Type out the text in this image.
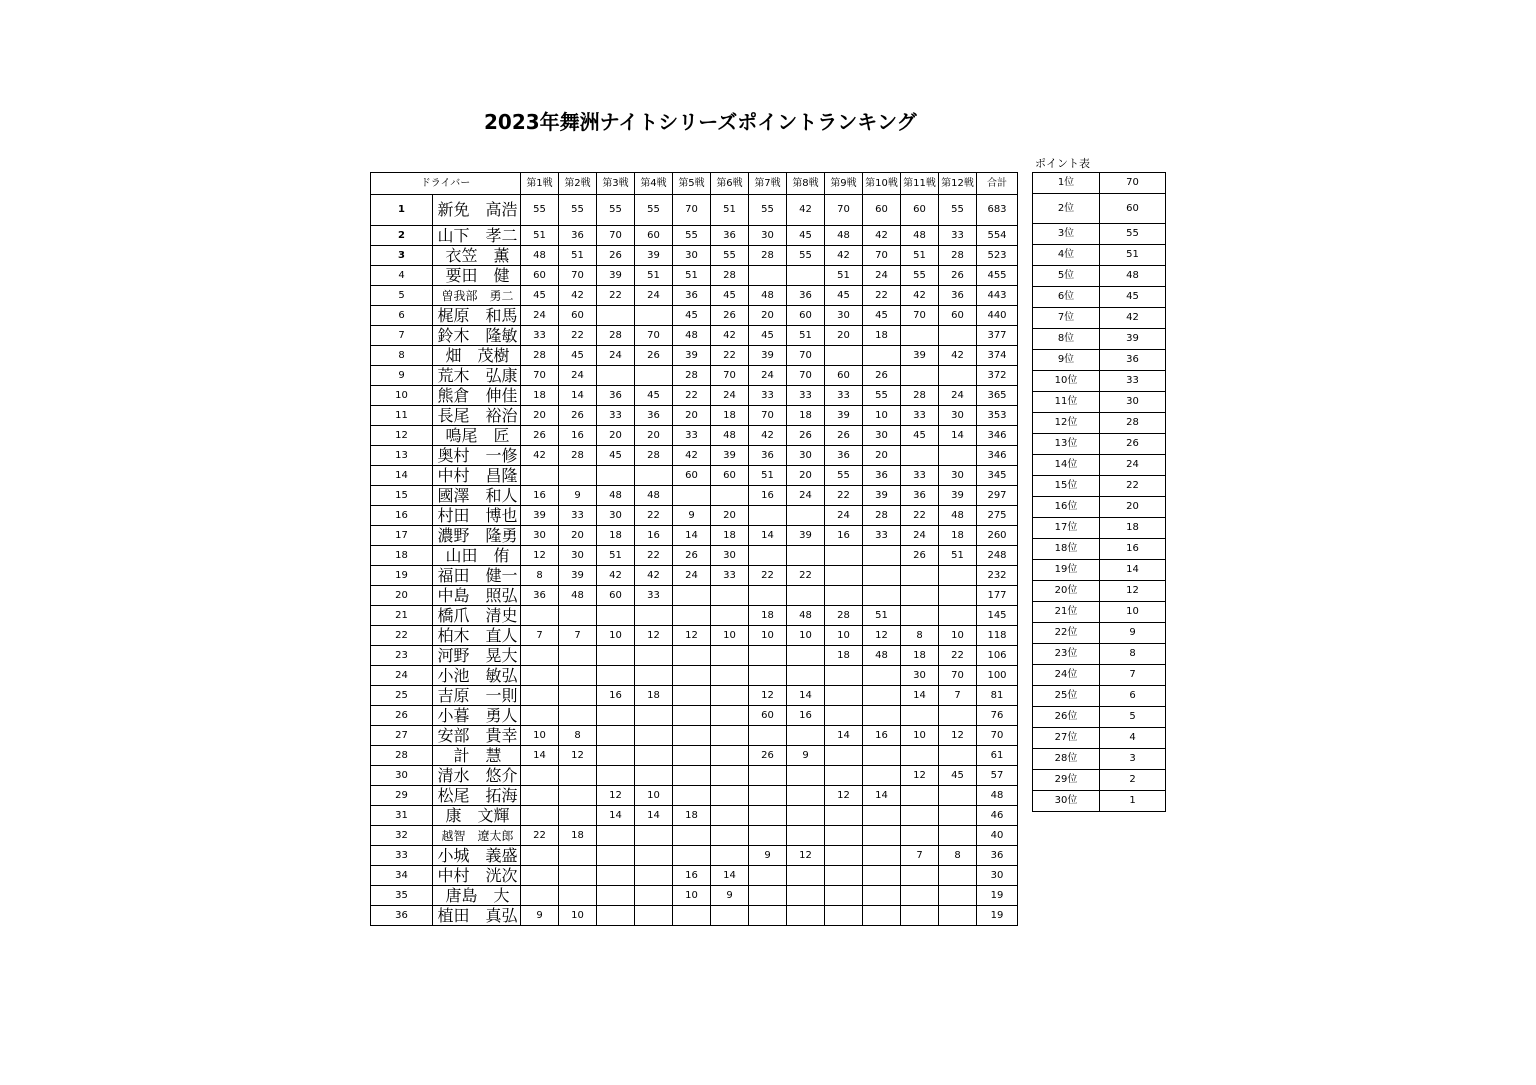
2023年舞洲ナイトシリーズポイントランキング
ポイント表
ドライバー		第1戦	第2戦	第3戦	第4戦	第5戦	第6戦	第7戦	第8戦	第9戦	第10戦	第11戦	第12戦	合計
1	新免　高浩	55	55	55	55	70	51	55	42	70	60	60	55	683
2	山下　孝二	51	36	70	60	55	36	30	45	48	42	48	33	554
3	衣笠　薫	48	51	26	39	30	55	28	55	42	70	51	28	523
4	要田　健	60	70	39	51	51	28			51	24	55	26	455
5	曽我部　勇二	45	42	22	24	36	45	48	36	45	22	42	36	443
6	梶原　和馬	24	60			45	26	20	60	30	45	70	60	440
7	鈴木　隆敏	33	22	28	70	48	42	45	51	20	18			377
8	畑　茂樹	28	45	24	26	39	22	39	70			39	42	374
9	荒木　弘康	70	24			28	70	24	70	60	26			372
10	熊倉　伸佳	18	14	36	45	22	24	33	33	33	55	28	24	365
11	長尾　裕治	20	26	33	36	20	18	70	18	39	10	33	30	353
12	鳴尾　匠	26	16	20	20	33	48	42	26	26	30	45	14	346
13	奥村　一修	42	28	45	28	42	39	36	30	36	20			346
14	中村　昌隆					60	60	51	20	55	36	33	30	345
15	國澤　和人	16	9	48	48			16	24	22	39	36	39	297
16	村田　博也	39	33	30	22	9	20			24	28	22	48	275
17	濃野　隆勇	30	20	18	16	14	18	14	39	16	33	24	18	260
18	山田　侑	12	30	51	22	26	30					26	51	248
19	福田　健一	8	39	42	42	24	33	22	22					232
20	中島　照弘	36	48	60	33									177
21	橋爪　清史							18	48	28	51			145
22	柏木　直人	7	7	10	12	12	10	10	10	10	12	8	10	118
23	河野　晃大									18	48	18	22	106
24	小池　敏弘											30	70	100
25	吉原　一則			16	18			12	14			14	7	81
26	小暮　勇人							60	16					76
27	安部　貴幸	10	8							14	16	10	12	70
28	計　慧	14	12					26	9					61
30	清水　悠介											12	45	57
29	松尾　拓海			12	10					12	14			48
31	康　文輝			14	14	18								46
32	越智　遼太郎	22	18											40
33	小城　義盛							9	12			7	8	36
34	中村　洸次					16	14							30
35	唐島　大					10	9							19
36	植田　真弘	9	10											19
1位	70
2位	60
3位	55
4位	51
5位	48
6位	45
7位	42
8位	39
9位	36
10位	33
11位	30
12位	28
13位	26
14位	24
15位	22
16位	20
17位	18
18位	16
19位	14
20位	12
21位	10
22位	9
23位	8
24位	7
25位	6
26位	5
27位	4
28位	3
29位	2
30位	1
